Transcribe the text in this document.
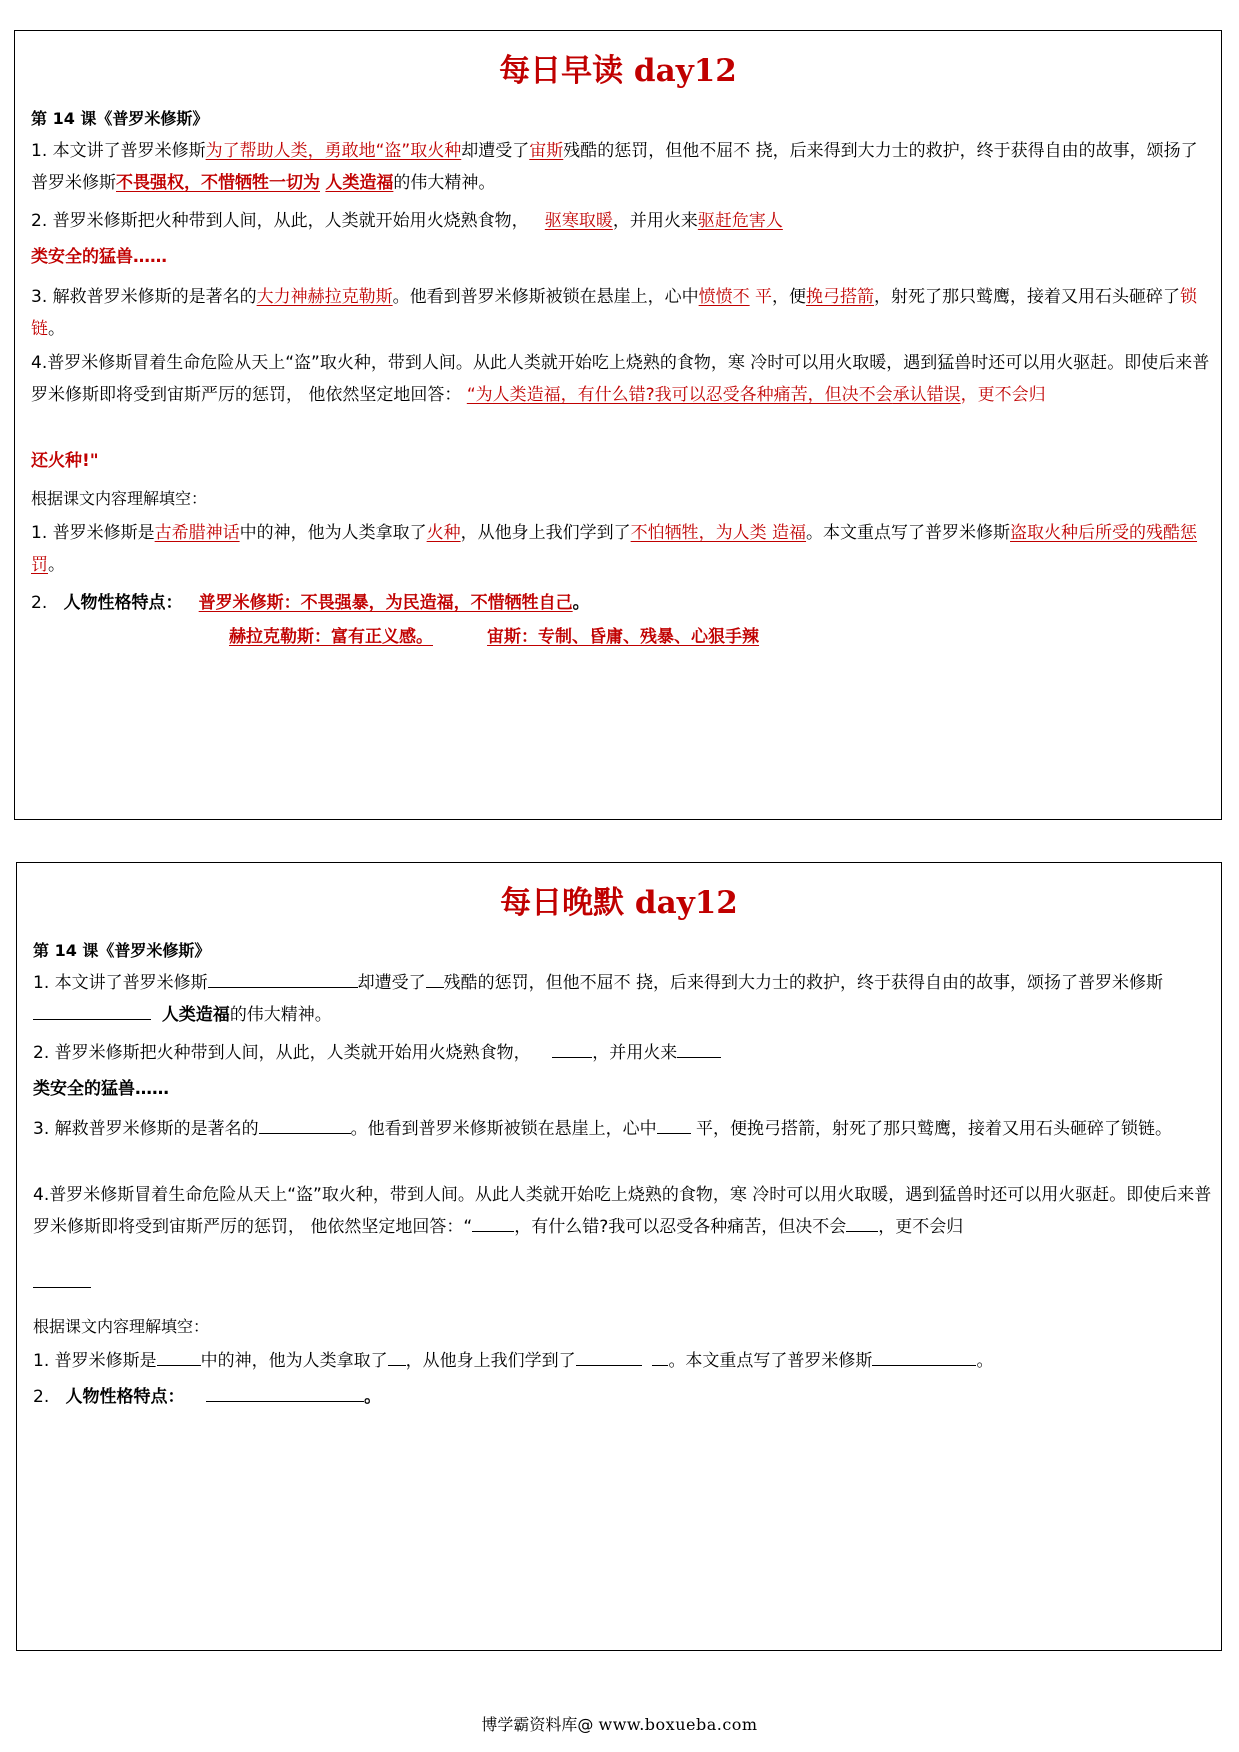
每日早读 day12
第 14 课《普罗米修斯》

1. 本文讲了普罗米修斯为了帮助人类，勇敢地“盗”取火种却遭受了宙斯残酷的惩罚，但他不屈不 挠，后来得到大力士的救护，终于获得自由的故事，颂扬了普罗米修斯不畏强权，不惜牺牲一切为 人类造福的伟大精神。

2. 普罗米修斯把火种带到人间，从此，人类就开始用火烧熟食物， 驱寒取暖，并用火来驱赶危害人

类安全的猛兽……

3. 解救普罗米修斯的是著名的大力神赫拉克勒斯。他看到普罗米修斯被锁在悬崖上，心中愤愤不 平，便挽弓搭箭，射死了那只鹫鹰，接着又用石头砸碎了锁链。

4.普罗米修斯冒着生命危险从天上“盗”取火种，带到人间。从此人类就开始吃上烧熟的食物，寒 冷时可以用火取暖，遇到猛兽时还可以用火驱赶。即使后来普罗米修斯即将受到宙斯严厉的惩罚， 他依然坚定地回答： “为人类造福，有什么错?我可以忍受各种痛苦，但决不会承认错误，更不会归

还火种!"

根据课文内容理解填空：

1. 普罗米修斯是古希腊神话中的神，他为人类拿取了火种，从他身上我们学到了不怕牺牲，为人类 造福。本文重点写了普罗米修斯盗取火种后所受的残酷惩罚。

2. 人物性格特点： 普罗米修斯：不畏强暴，为民造福，不惜牺牲自己。

赫拉克勒斯：富有正义感。	宙斯：专制、昏庸、残暴、心狠手辣

每日晚默 day12
第 14 课《普罗米修斯》

1. 本文讲了普罗米修斯	却遭受了 残酷的惩罚，但他不屈不 挠，后来得到大力士的救护，终于获得自由的故事，颂扬了普罗米修斯  人类造福的伟大精神。

2. 普罗米修斯把火种带到人间，从此，人类就开始用火烧熟食物，	，并用火来

类安全的猛兽……

3. 解救普罗米修斯的是著名的	。他看到普罗米修斯被锁在悬崖上，心中 平，便挽弓搭箭，射死了那只鹫鹰，接着又用石头砸碎了锁链。

4.普罗米修斯冒着生命危险从天上“盗”取火种，带到人间。从此人类就开始吃上烧熟的食物，寒 冷时可以用火取暖，遇到猛兽时还可以用火驱赶。即使后来普罗米修斯即将受到宙斯严厉的惩罚， 他依然坚定地回答：“ ，有什么错?我可以忍受各种痛苦，但决不会 ，更不会归

根据课文内容理解填空：

1. 普罗米修斯是	中的神，他为人类拿取了 ，从他身上我们学到了	。本文重点写了普罗米修斯	。

2. 人物性格特点：	。

博学霸资料库@ www.boxueba.com
